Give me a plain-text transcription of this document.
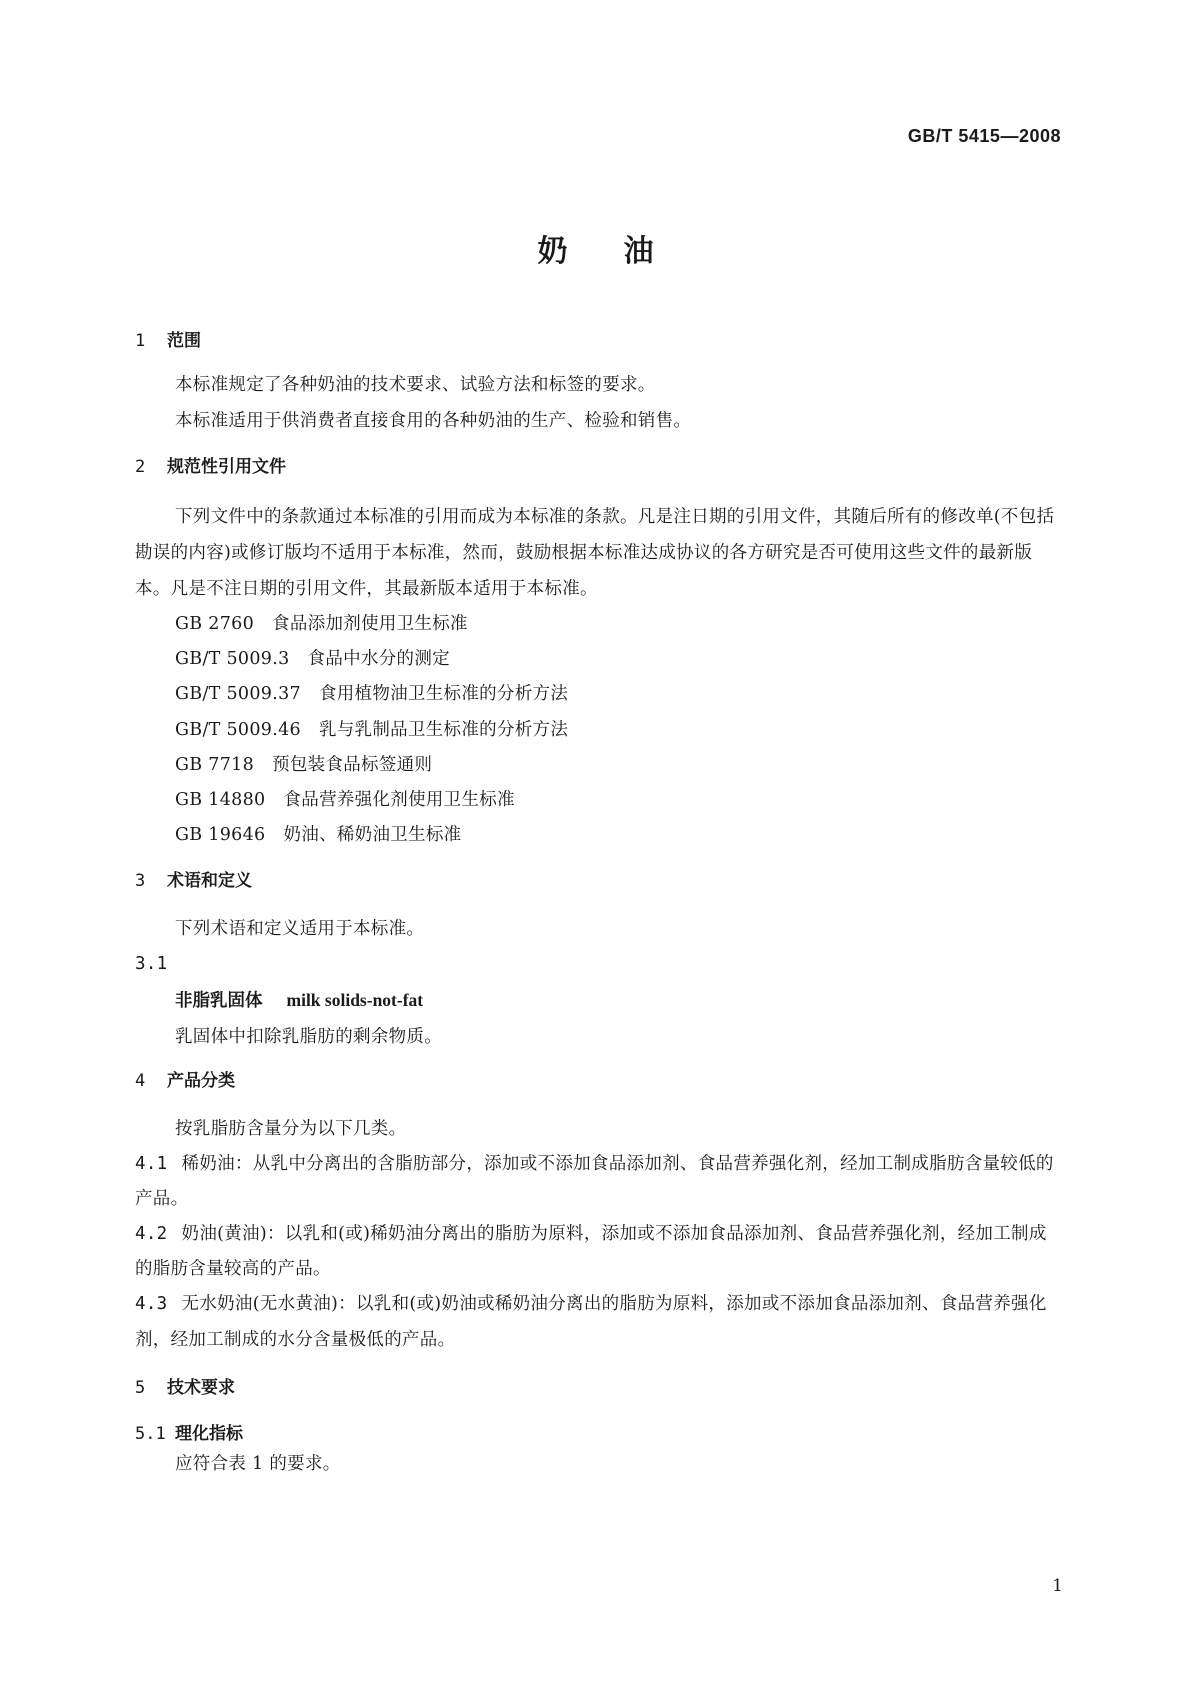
GB/T 5415—2008
奶油
1 范围
本标准规定了各种奶油的技术要求、试验方法和标签的要求。
本标准适用于供消费者直接食用的各种奶油的生产、检验和销售。
2 规范性引用文件
下列文件中的条款通过本标准的引用而成为本标准的条款。凡是注日期的引用文件，其随后所有的修改单(不包括勘误的内容)或修订版均不适用于本标准，然而，鼓励根据本标准达成协议的各方研究是否可使用这些文件的最新版本。凡是不注日期的引用文件，其最新版本适用于本标准。
GB 2760 食品添加剂使用卫生标准
GB/T 5009.3 食品中水分的测定
GB/T 5009.37 食用植物油卫生标准的分析方法
GB/T 5009.46 乳与乳制品卫生标准的分析方法
GB 7718 预包装食品标签通则
GB 14880 食品营养强化剂使用卫生标准
GB 19646 奶油、稀奶油卫生标准
3 术语和定义
下列术语和定义适用于本标准。
3.1
非脂乳固体 milk solids-not-fat
乳固体中扣除乳脂肪的剩余物质。
4 产品分类
按乳脂肪含量分为以下几类。
4.1 稀奶油：从乳中分离出的含脂肪部分，添加或不添加食品添加剂、食品营养强化剂，经加工制成脂肪含量较低的产品。
4.2 奶油(黄油)：以乳和(或)稀奶油分离出的脂肪为原料，添加或不添加食品添加剂、食品营养强化剂，经加工制成的脂肪含量较高的产品。
4.3 无水奶油(无水黄油)：以乳和(或)奶油或稀奶油分离出的脂肪为原料，添加或不添加食品添加剂、食品营养强化剂，经加工制成的水分含量极低的产品。
5 技术要求
5.1 理化指标
应符合表 1 的要求。
1
